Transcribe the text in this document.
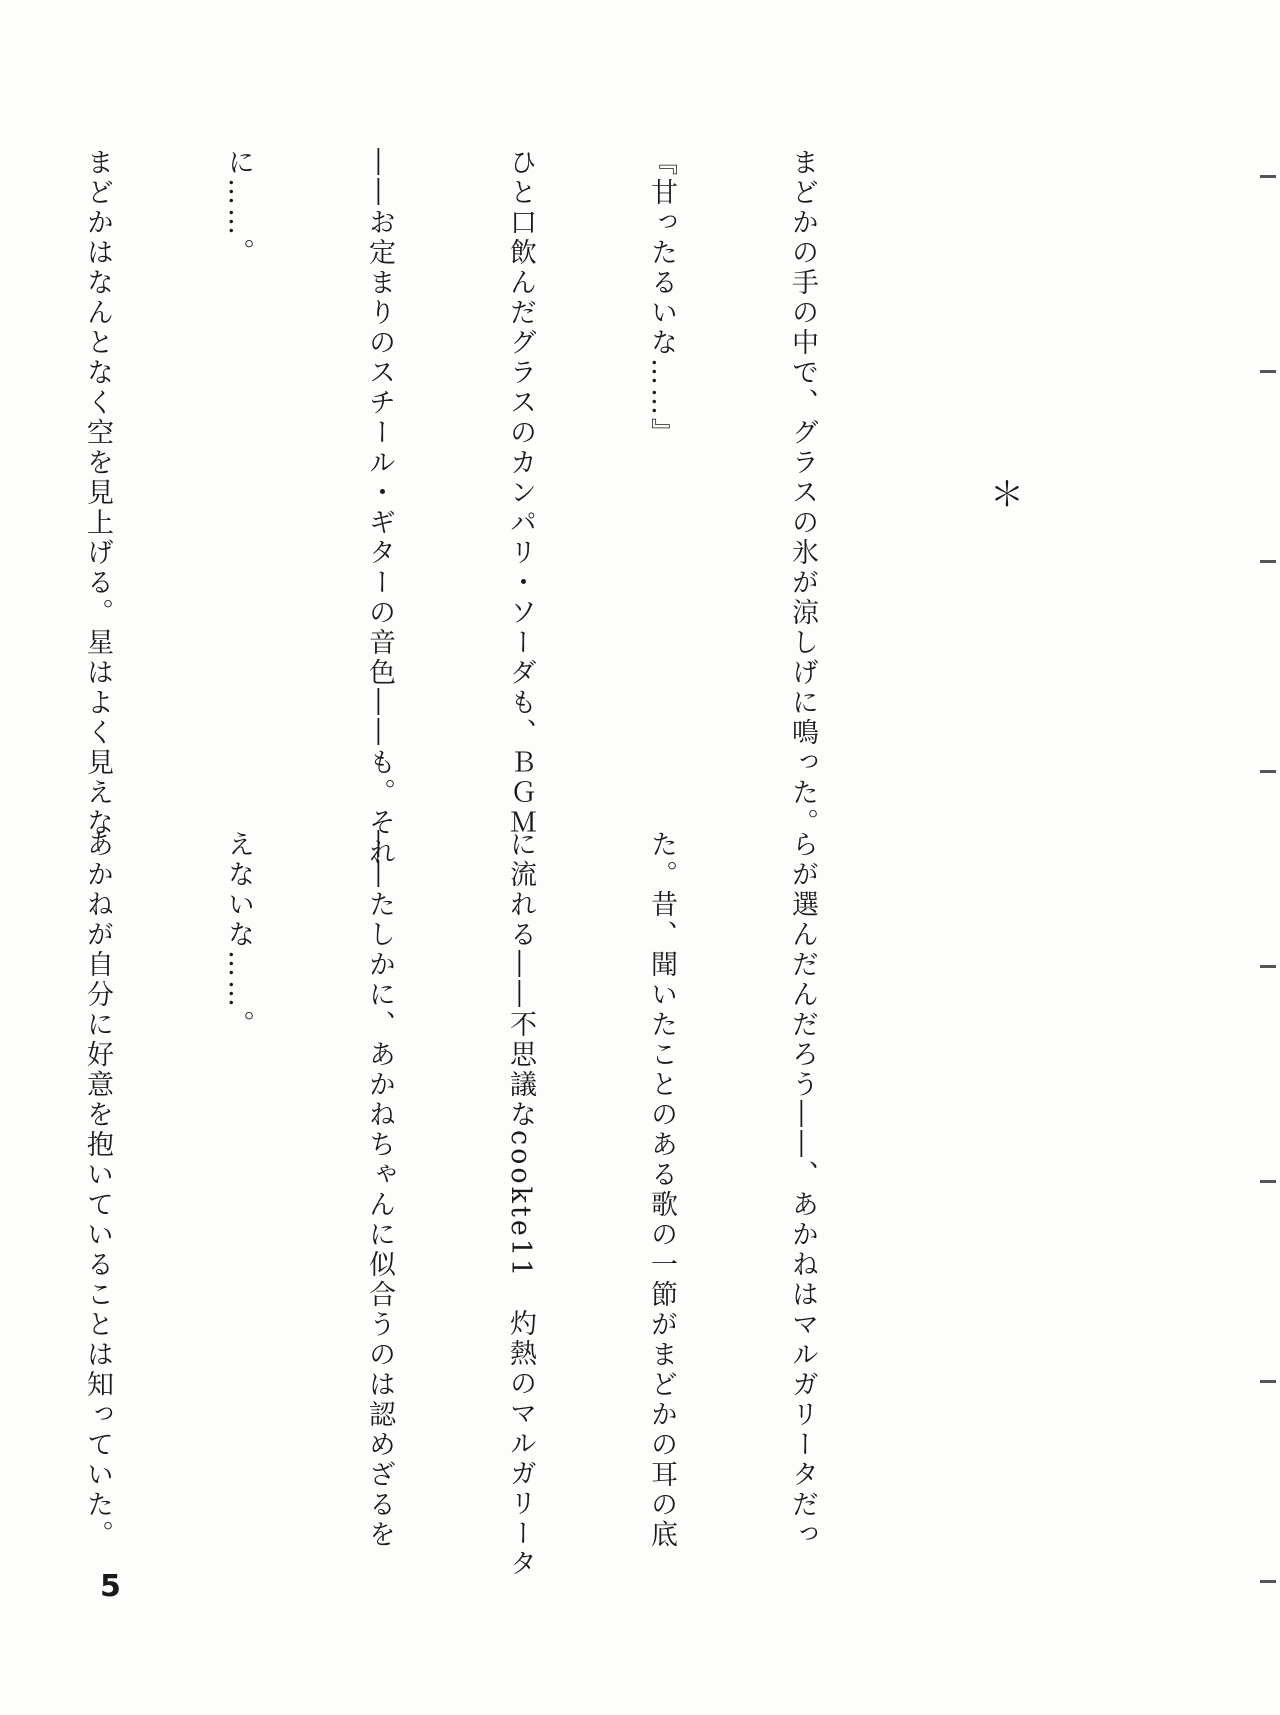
まどかの手の中で、グラスの氷が涼しげに鳴った。

『甘ったるいな……』

ひと口飲んだグラスのカンパリ・ソーダも、ＢＧＭ

――お定まりのスチール・ギターの音色――も。それ

に……。

まどかはなんとなく空を見上げる。星はよく見えな

	＊

らが選んだんだろう――、あかねはマルガリータだっ

た。昔、聞いたことのある歌の一節がまどかの耳の底

に流れる――不思議なcookte11　灼熱のマルガリータ

――たしかに、あかねちゃんに似合うのは認めざるを

えないな……。

あかねが自分に好意を抱いていることは知っていた。

5
